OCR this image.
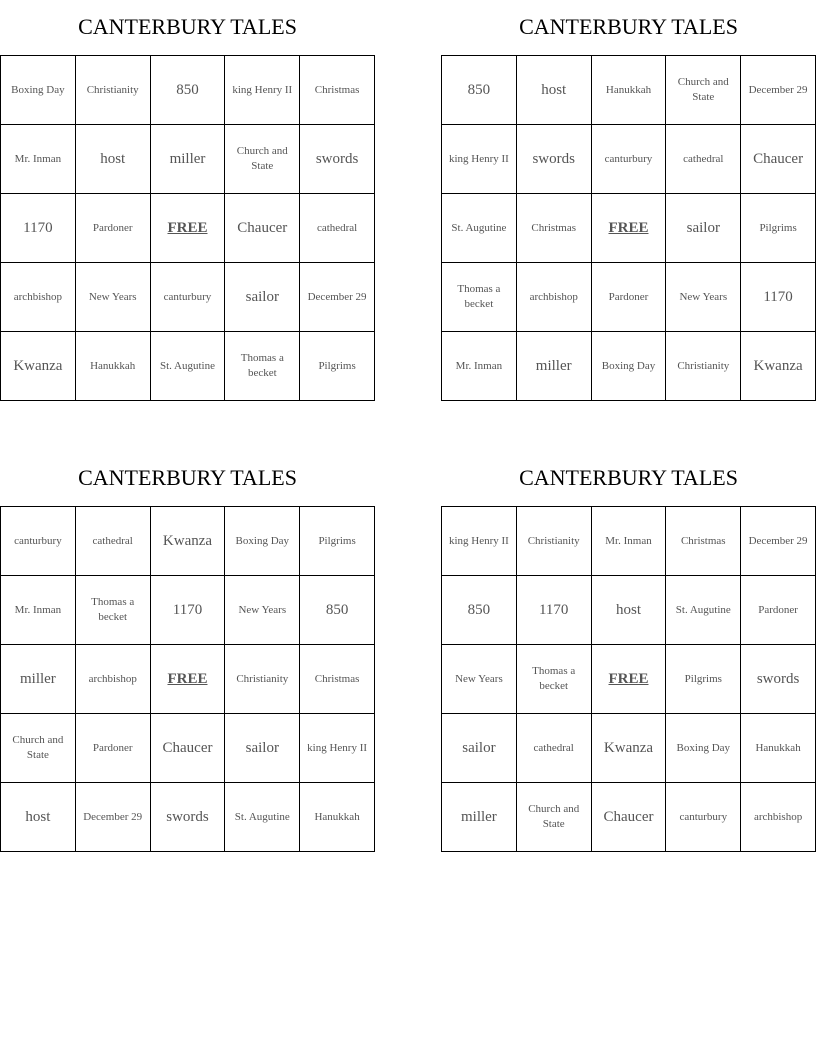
CANTERBURY TALES
Boxing Day	Christianity	850	king Henry II	Christmas
Mr. Inman	host	miller	Church and State	swords
1170	Pardoner	FREE	Chaucer	cathedral
archbishop	New Years	canturbury	sailor	December 29
Kwanza	Hanukkah	St. Augutine	Thomas a becket	Pilgrims
CANTERBURY TALES
850	host	Hanukkah	Church and State	December 29
king Henry II	swords	canturbury	cathedral	Chaucer
St. Augutine	Christmas	FREE	sailor	Pilgrims
Thomas a becket	archbishop	Pardoner	New Years	1170
Mr. Inman	miller	Boxing Day	Christianity	Kwanza
CANTERBURY TALES
canturbury	cathedral	Kwanza	Boxing Day	Pilgrims
Mr. Inman	Thomas a becket	1170	New Years	850
miller	archbishop	FREE	Christianity	Christmas
Church and State	Pardoner	Chaucer	sailor	king Henry II
host	December 29	swords	St. Augutine	Hanukkah
CANTERBURY TALES
king Henry II	Christianity	Mr. Inman	Christmas	December 29
850	1170	host	St. Augutine	Pardoner
New Years	Thomas a becket	FREE	Pilgrims	swords
sailor	cathedral	Kwanza	Boxing Day	Hanukkah
miller	Church and State	Chaucer	canturbury	archbishop
